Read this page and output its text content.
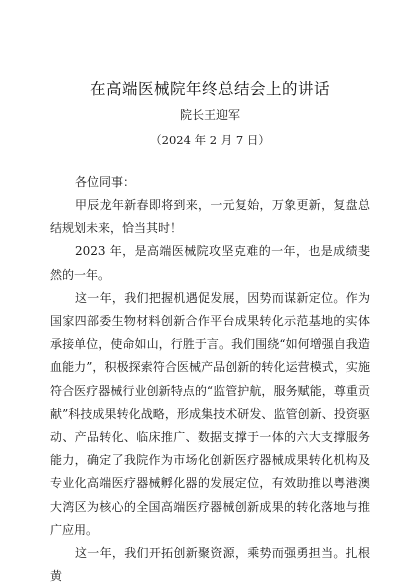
在高端医械院年终总结会上的讲话
院长王迎军
（2024 年 2 月 7 日）
各位同事：

甲辰龙年新春即将到来，一元复始，万象更新，复盘总结规划未来，恰当其时！

2023 年，是高端医械院攻坚克难的一年，也是成绩斐然的一年。

这一年，我们把握机遇促发展，因势而谋新定位。作为国家四部委生物材料创新合作平台成果转化示范基地的实体承接单位，使命如山，行胜于言。我们围绕“如何增强自我造血能力”，积极探索符合医械产品创新的转化运营模式，实施符合医疗器械行业创新特点的“监管护航，服务赋能，尊重贡献”科技成果转化战略，形成集技术研发、监管创新、投资驱动、产品转化、临床推广、数据支撑于一体的六大支撑服务能力，确定了我院作为市场化创新医疗器械成果转化机构及专业化高端医疗器械孵化器的发展定位，有效助推以粤港澳大湾区为核心的全国高端医疗器械创新成果的转化落地与推广应用。

这一年，我们开拓创新聚资源，乘势而强勇担当。扎根黄
